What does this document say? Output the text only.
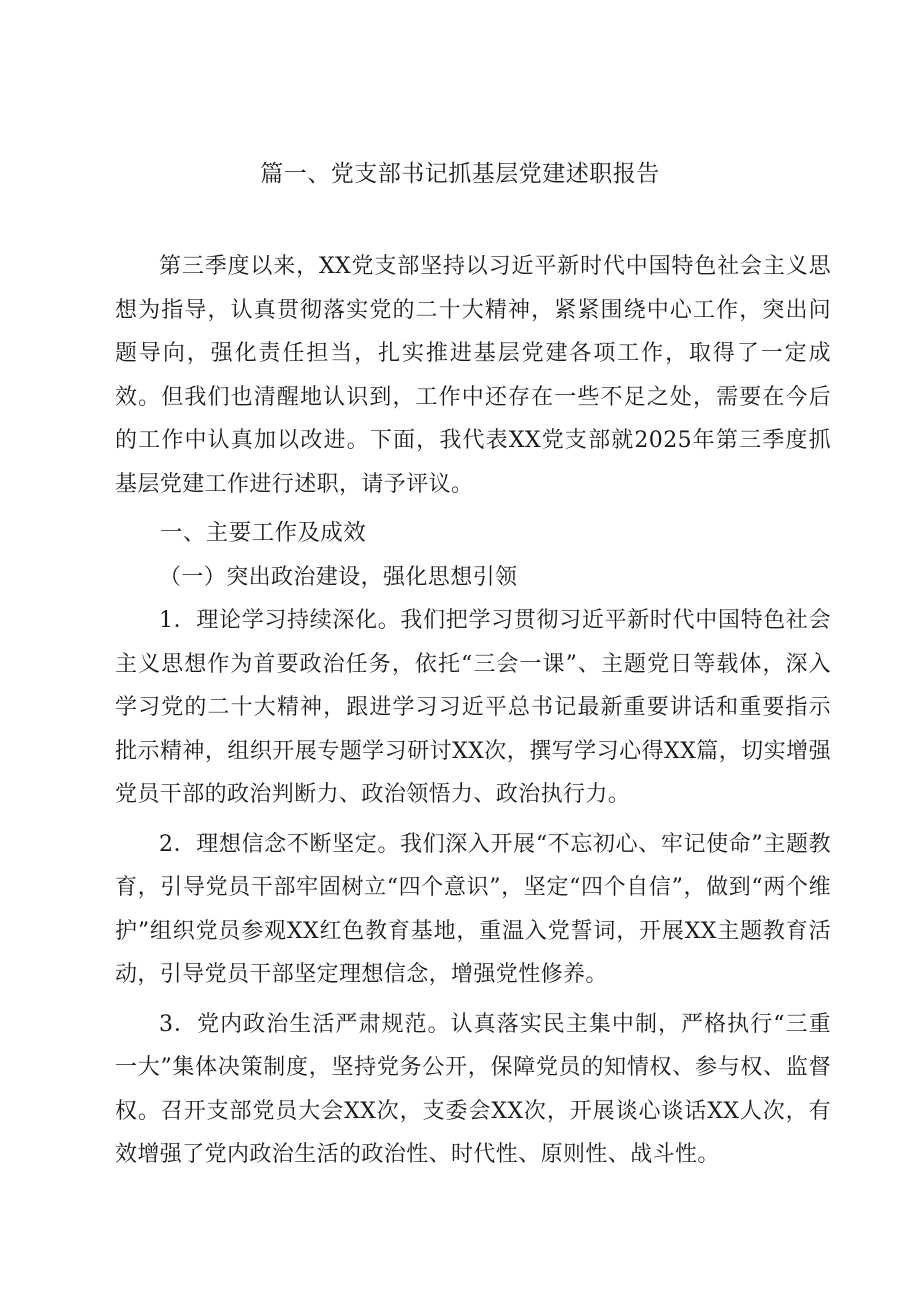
篇一、党支部书记抓基层党建述职报告

第三季度以来，XX党支部坚持以习近平新时代中国特色社会主义思想为指导，认真贯彻落实党的二十大精神，紧紧围绕中心工作，突出问题导向，强化责任担当，扎实推进基层党建各项工作，取得了一定成效。但我们也清醒地认识到，工作中还存在一些不足之处，需要在今后的工作中认真加以改进。下面，我代表XX党支部就2025年第三季度抓基层党建工作进行述职，请予评议。

一、主要工作及成效

（一）突出政治建设，强化思想引领

1．理论学习持续深化。我们把学习贯彻习近平新时代中国特色社会主义思想作为首要政治任务，依托“三会一课”、主题党日等载体，深入学习党的二十大精神，跟进学习习近平总书记最新重要讲话和重要指示批示精神，组织开展专题学习研讨XX次，撰写学习心得XX篇，切实增强党员干部的政治判断力、政治领悟力、政治执行力。

2．理想信念不断坚定。我们深入开展“不忘初心、牢记使命”主题教育，引导党员干部牢固树立“四个意识”，坚定“四个自信”，做到“两个维护”组织党员参观XX红色教育基地，重温入党誓词，开展XX主题教育活动，引导党员干部坚定理想信念，增强党性修养。

3．党内政治生活严肃规范。认真落实民主集中制，严格执行“三重一大”集体决策制度，坚持党务公开，保障党员的知情权、参与权、监督权。召开支部党员大会XX次，支委会XX次，开展谈心谈话XX人次，有效增强了党内政治生活的政治性、时代性、原则性、战斗性。
